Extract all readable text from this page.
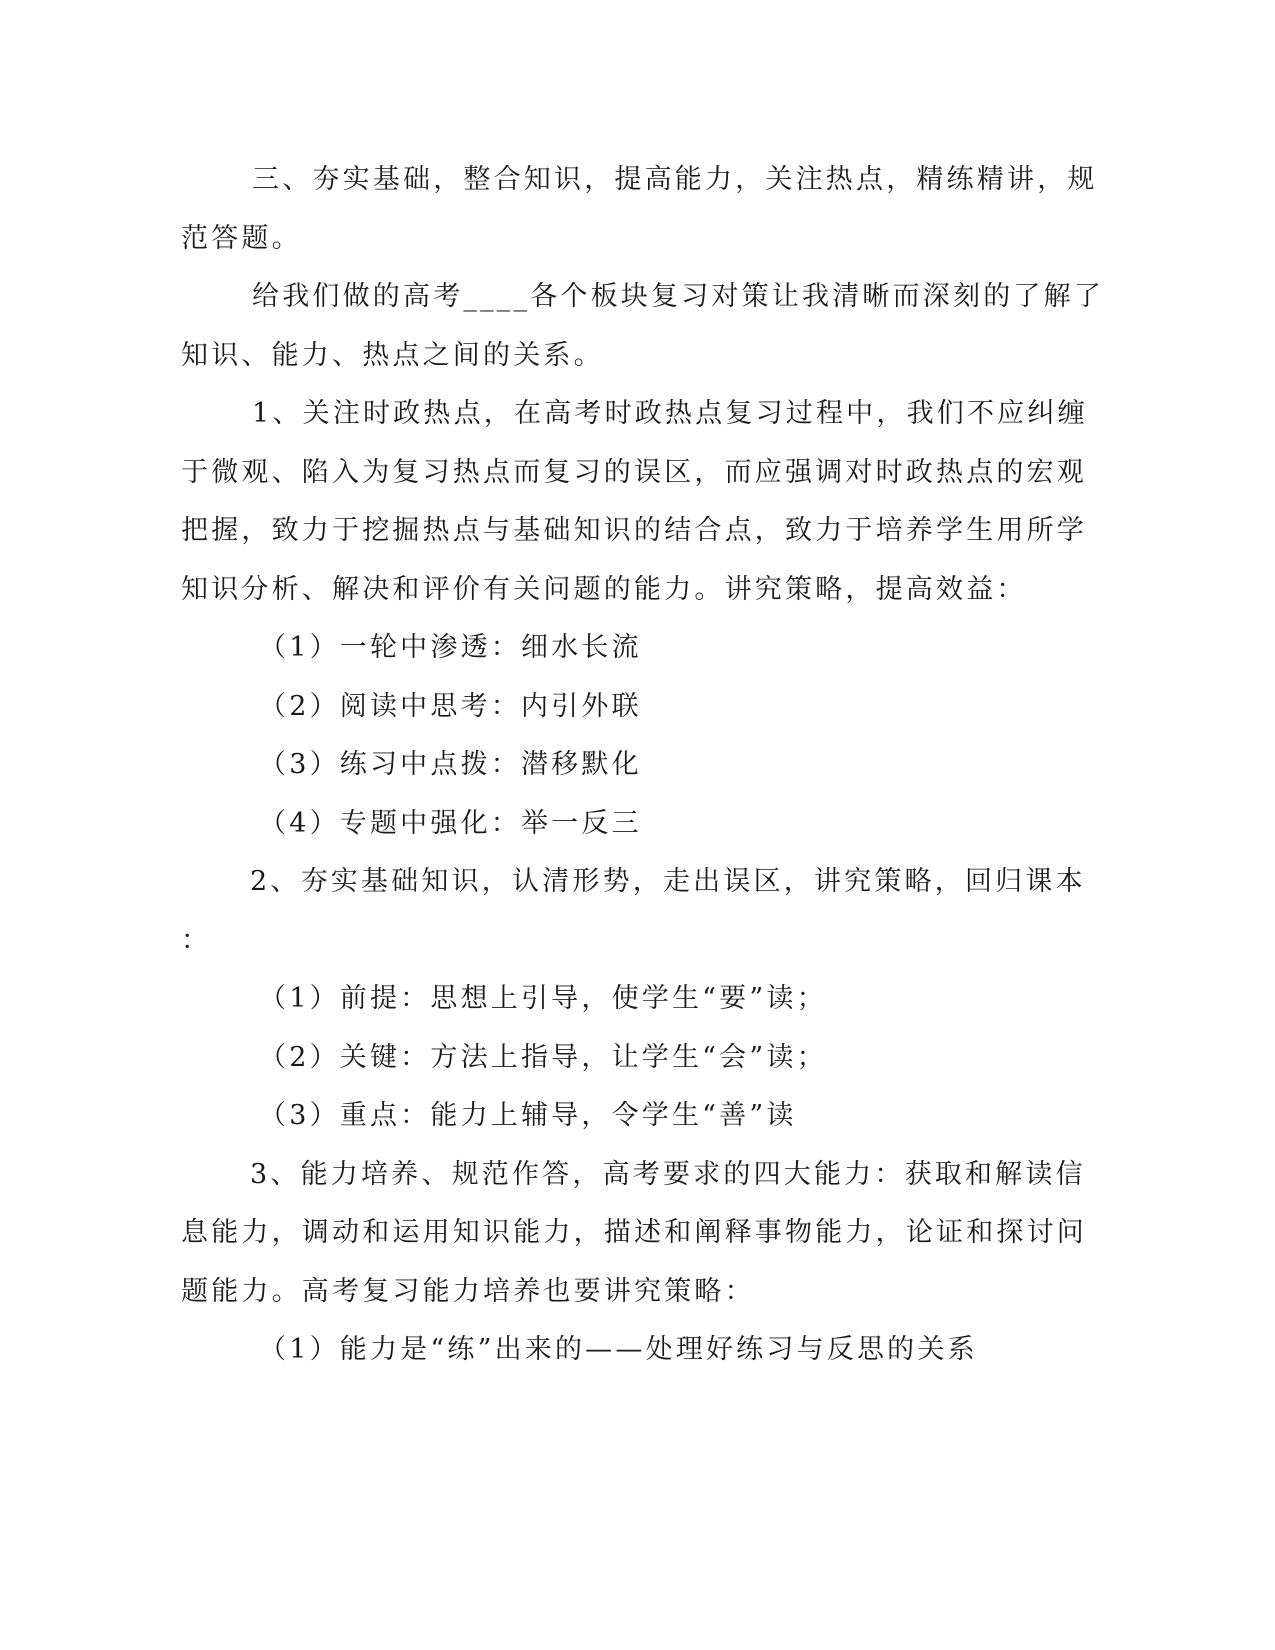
三、夯实基础，整合知识，提高能力，关注热点，精练精讲，规
范答题。
给我们做的高考____各个板块复习对策让我清晰而深刻的了解了
知识、能力、热点之间的关系。
1、关注时政热点，在高考时政热点复习过程中，我们不应纠缠
于微观、陷入为复习热点而复习的误区，而应强调对时政热点的宏观
把握，致力于挖掘热点与基础知识的结合点，致力于培养学生用所学
知识分析、解决和评价有关问题的能力。讲究策略，提高效益：
（1）一轮中渗透：细水长流
（2）阅读中思考：内引外联
（3）练习中点拨：潜移默化
（4）专题中强化：举一反三
2、夯实基础知识，认清形势，走出误区，讲究策略，回归课本
：
（1）前提：思想上引导，使学生“要”读；
（2）关键：方法上指导，让学生“会”读；
（3）重点：能力上辅导，令学生“善”读
3、能力培养、规范作答，高考要求的四大能力：获取和解读信
息能力，调动和运用知识能力，描述和阐释事物能力，论证和探讨问
题能力。高考复习能力培养也要讲究策略：
（1）能力是“练”出来的——处理好练习与反思的关系
